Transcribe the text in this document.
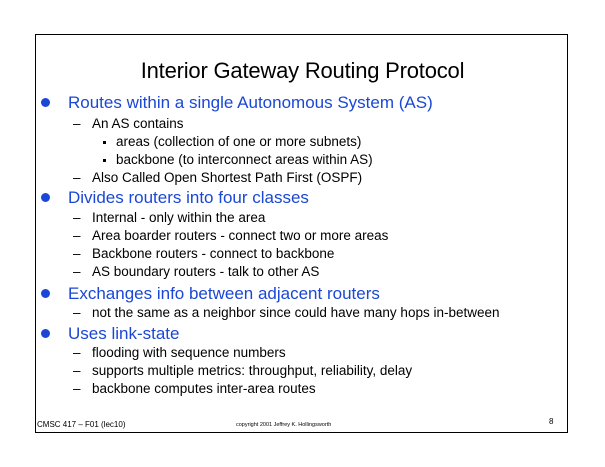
Interior Gateway Routing Protocol
Routes within a single Autonomous System (AS)
– An AS contains
areas (collection of one or more subnets)
backbone (to interconnect areas within AS)
– Also Called Open Shortest Path First (OSPF)
Divides routers into four classes
– Internal - only within the area
– Area boarder routers - connect two or more areas
– Backbone routers - connect to backbone
– AS boundary routers - talk to other AS
Exchanges info between adjacent routers
– not the same as a neighbor since could have many hops in-between
Uses link-state
– flooding with sequence numbers
– supports multiple metrics: throughput, reliability, delay
– backbone computes inter-area routes
CMSC 417 – F01 (lec10)	copyright 2001 Jeffrey K. Hollingsworth	8
